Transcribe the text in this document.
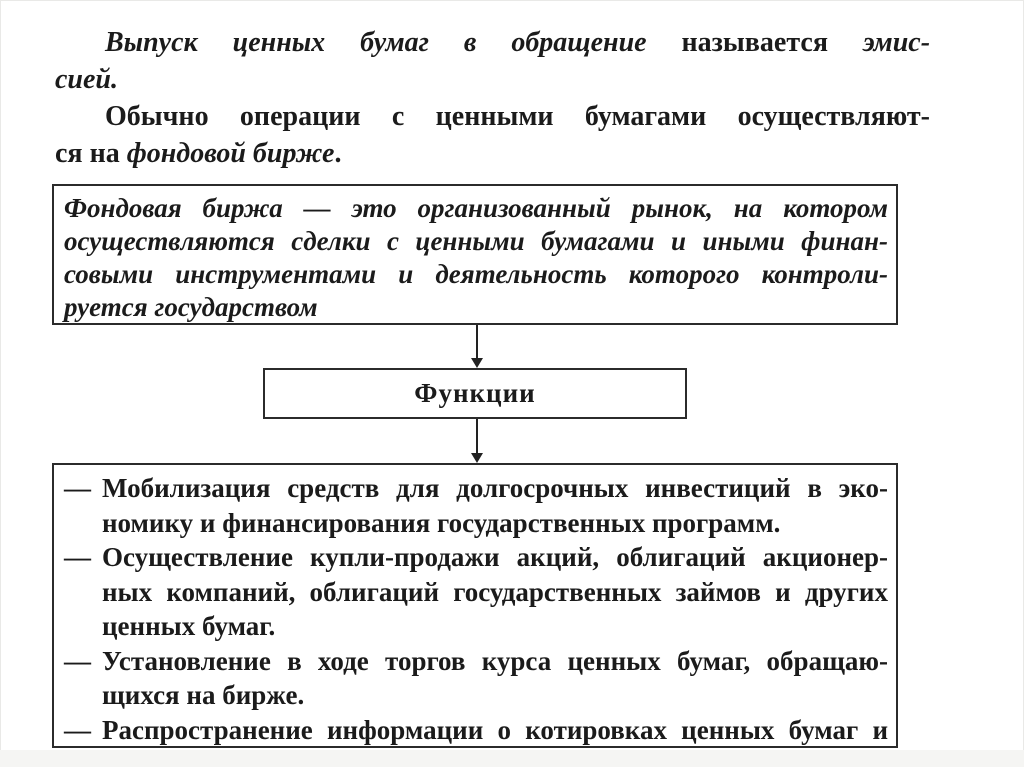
Выпуск ценных бумаг в обращение называется эмис-
сией.
Обычно операции с ценными бумагами осуществляют-
ся на фондовой бирже.
Фондовая биржа — это организованный рынок, на котором
осуществляются сделки с ценными бумагами и иными финан-
совыми инструментами и деятельность которого контроли-
руется государством
Функции
— Мобилизация средств для долгосрочных инвестиций в эко-
номику и финансирования государственных программ.
— Осуществление купли-продажи акций, облигаций акционер-
ных компаний, облигаций государственных займов и других
ценных бумаг.
— Установление в ходе торгов курса ценных бумаг, обращаю-
щихся на бирже.
— Распространение информации о котировках ценных бумаг и
